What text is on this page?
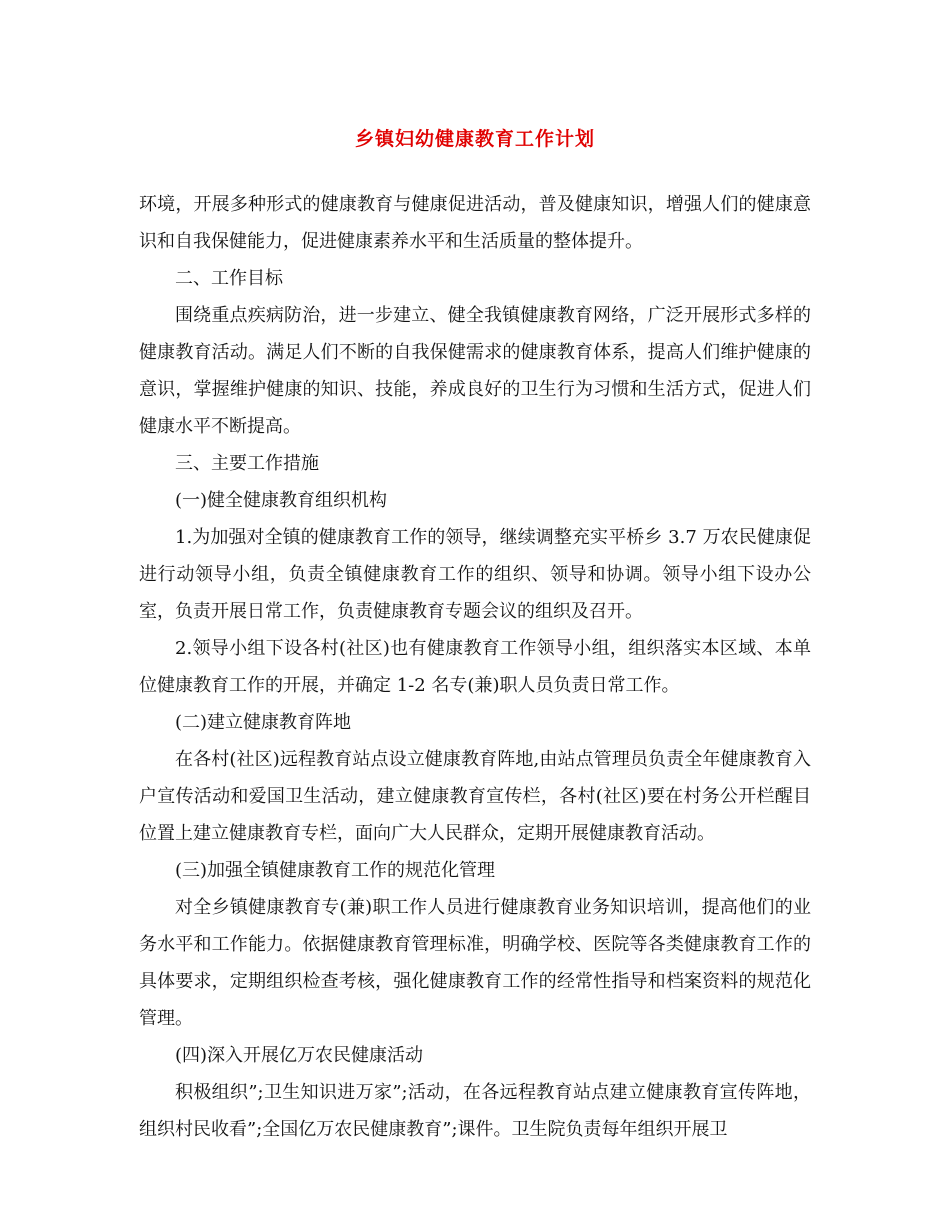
乡镇妇幼健康教育工作计划

环境，开展多种形式的健康教育与健康促进活动，普及健康知识，增强人们的健康意识和自我保健能力，促进健康素养水平和生活质量的整体提升。

二、工作目标

围绕重点疾病防治，进一步建立、健全我镇健康教育网络，广泛开展形式多样的健康教育活动。满足人们不断的自我保健需求的健康教育体系，提高人们维护健康的意识，掌握维护健康的知识、技能，养成良好的卫生行为习惯和生活方式，促进人们健康水平不断提高。

三、主要工作措施

(一)健全健康教育组织机构

1.为加强对全镇的健康教育工作的领导，继续调整充实平桥乡 3.7 万农民健康促进行动领导小组，负责全镇健康教育工作的组织、领导和协调。领导小组下设办公室，负责开展日常工作，负责健康教育专题会议的组织及召开。

2.领导小组下设各村(社区)也有健康教育工作领导小组，组织落实本区域、本单位健康教育工作的开展，并确定 1-2 名专(兼)职人员负责日常工作。

(二)建立健康教育阵地

在各村(社区)远程教育站点设立健康教育阵地,由站点管理员负责全年健康教育入户宣传活动和爱国卫生活动，建立健康教育宣传栏，各村(社区)要在村务公开栏醒目位置上建立健康教育专栏，面向广大人民群众，定期开展健康教育活动。

(三)加强全镇健康教育工作的规范化管理

对全乡镇健康教育专(兼)职工作人员进行健康教育业务知识培训，提高他们的业务水平和工作能力。依据健康教育管理标准，明确学校、医院等各类健康教育工作的具体要求，定期组织检查考核，强化健康教育工作的经常性指导和档案资料的规范化管理。

(四)深入开展亿万农民健康活动

积极组织”;卫生知识进万家”;活动，在各远程教育站点建立健康教育宣传阵地，组织村民收看”;全国亿万农民健康教育”;课件。卫生院负责每年组织开展卫
